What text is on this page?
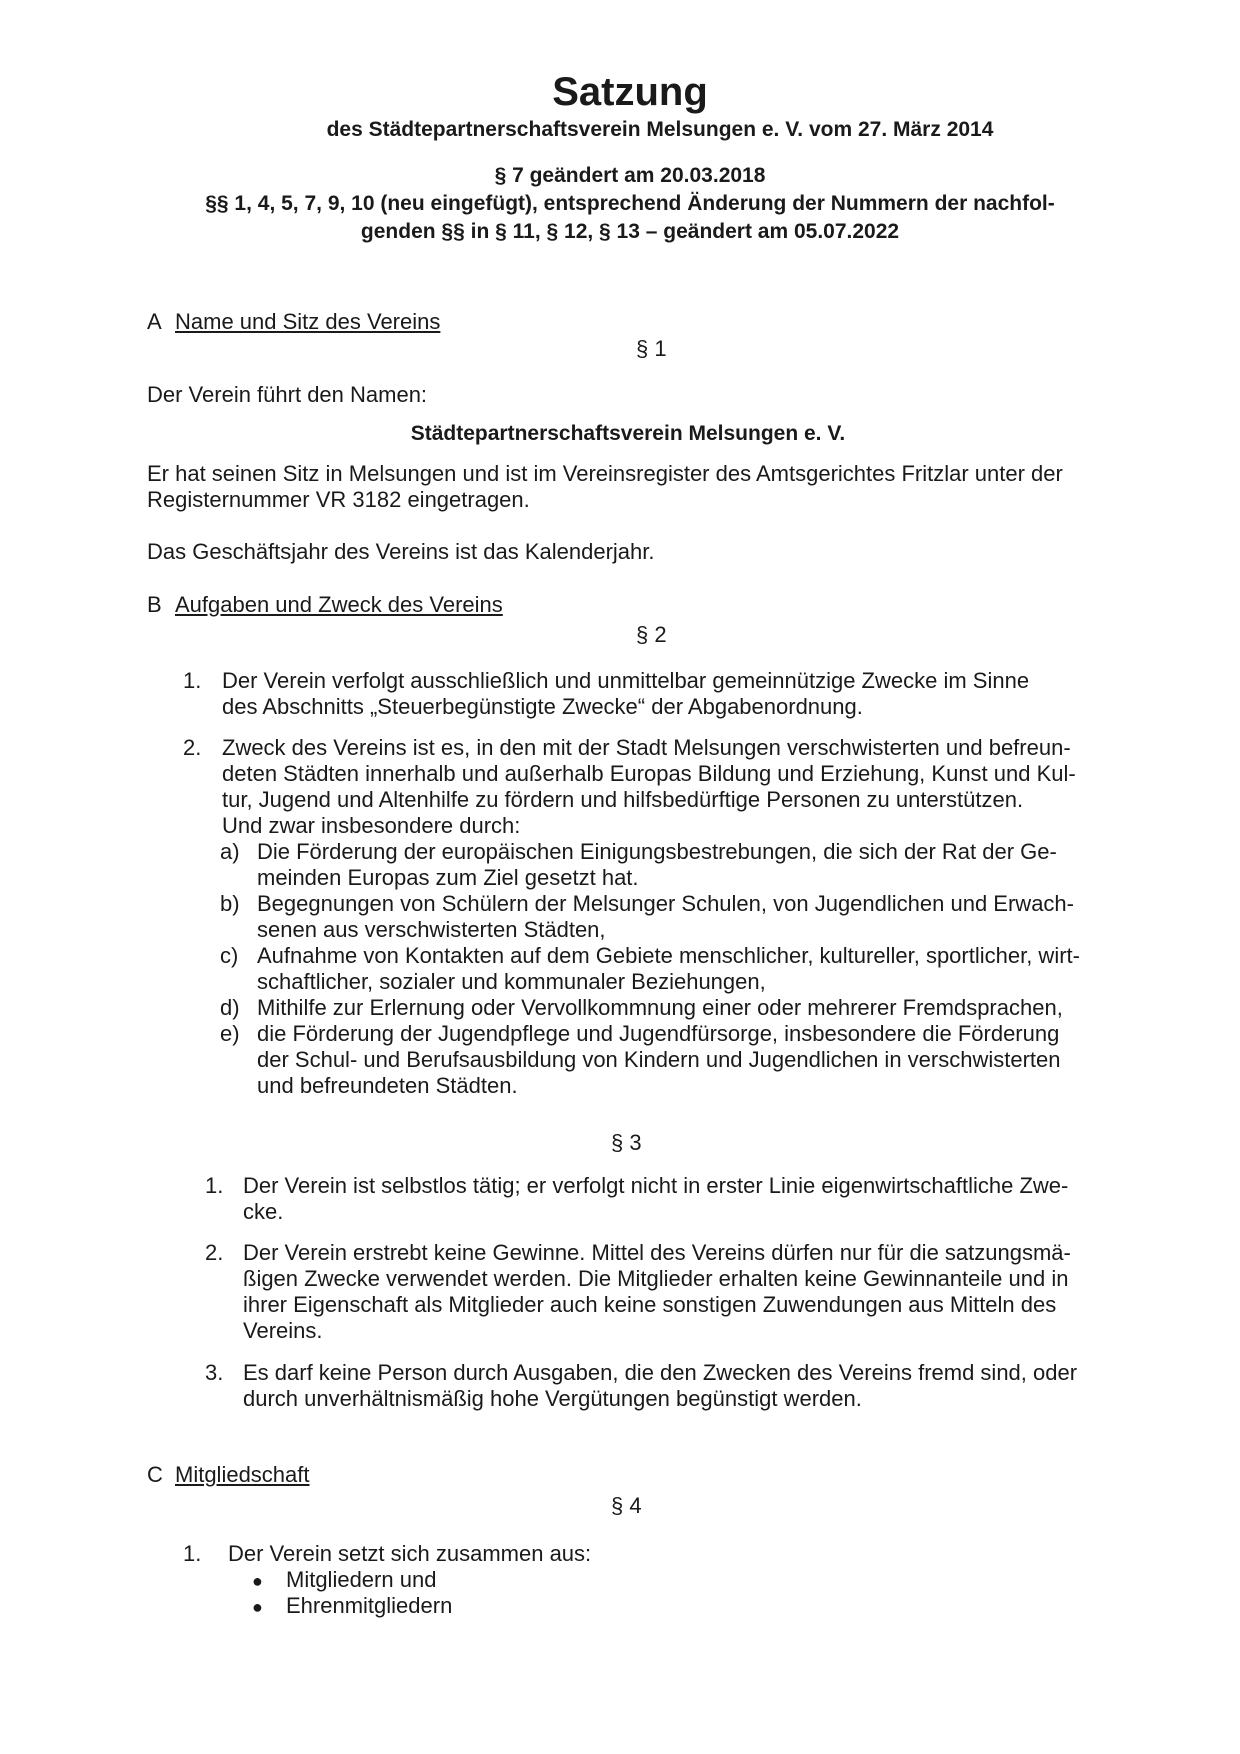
Satzung
des Städtepartnerschaftsverein Melsungen e. V. vom 27. März 2014
§ 7 geändert am 20.03.2018
§§ 1, 4, 5, 7, 9, 10 (neu eingefügt), entsprechend Änderung der Nummern der nachfol-
genden §§ in § 11, § 12, § 13 – geändert am 05.07.2022
A Name und Sitz des Vereins
§ 1
Der Verein führt den Namen:
Städtepartnerschaftsverein Melsungen e. V.
Er hat seinen Sitz in Melsungen und ist im Vereinsregister des Amtsgerichtes Fritzlar unter der
Registernummer VR 3182 eingetragen.
Das Geschäftsjahr des Vereins ist das Kalenderjahr.
B Aufgaben und Zweck des Vereins
§ 2
1. Der Verein verfolgt ausschließlich und unmittelbar gemeinnützige Zwecke im Sinne
des Abschnitts „Steuerbegünstigte Zwecke“ der Abgabenordnung.
2. Zweck des Vereins ist es, in den mit der Stadt Melsungen verschwisterten und befreun-
deten Städten innerhalb und außerhalb Europas Bildung und Erziehung, Kunst und Kul-
tur, Jugend und Altenhilfe zu fördern und hilfsbedürftige Personen zu unterstützen.
Und zwar insbesondere durch:
a) Die Förderung der europäischen Einigungsbestrebungen, die sich der Rat der Ge-
meinden Europas zum Ziel gesetzt hat.
b) Begegnungen von Schülern der Melsunger Schulen, von Jugendlichen und Erwach-
senen aus verschwisterten Städten,
c) Aufnahme von Kontakten auf dem Gebiete menschlicher, kultureller, sportlicher, wirt-
schaftlicher, sozialer und kommunaler Beziehungen,
d) Mithilfe zur Erlernung oder Vervollkommnung einer oder mehrerer Fremdsprachen,
e) die Förderung der Jugendpflege und Jugendfürsorge, insbesondere die Förderung
der Schul- und Berufsausbildung von Kindern und Jugendlichen in verschwisterten
und befreundeten Städten.
§ 3
1. Der Verein ist selbstlos tätig; er verfolgt nicht in erster Linie eigenwirtschaftliche Zwe-
cke.
2. Der Verein erstrebt keine Gewinne. Mittel des Vereins dürfen nur für die satzungsmä-
ßigen Zwecke verwendet werden. Die Mitglieder erhalten keine Gewinnanteile und in
ihrer Eigenschaft als Mitglieder auch keine sonstigen Zuwendungen aus Mitteln des
Vereins.
3. Es darf keine Person durch Ausgaben, die den Zwecken des Vereins fremd sind, oder
durch unverhältnismäßig hohe Vergütungen begünstigt werden.
C Mitgliedschaft
§ 4
1. Der Verein setzt sich zusammen aus:
● Mitgliedern und
● Ehrenmitgliedern
